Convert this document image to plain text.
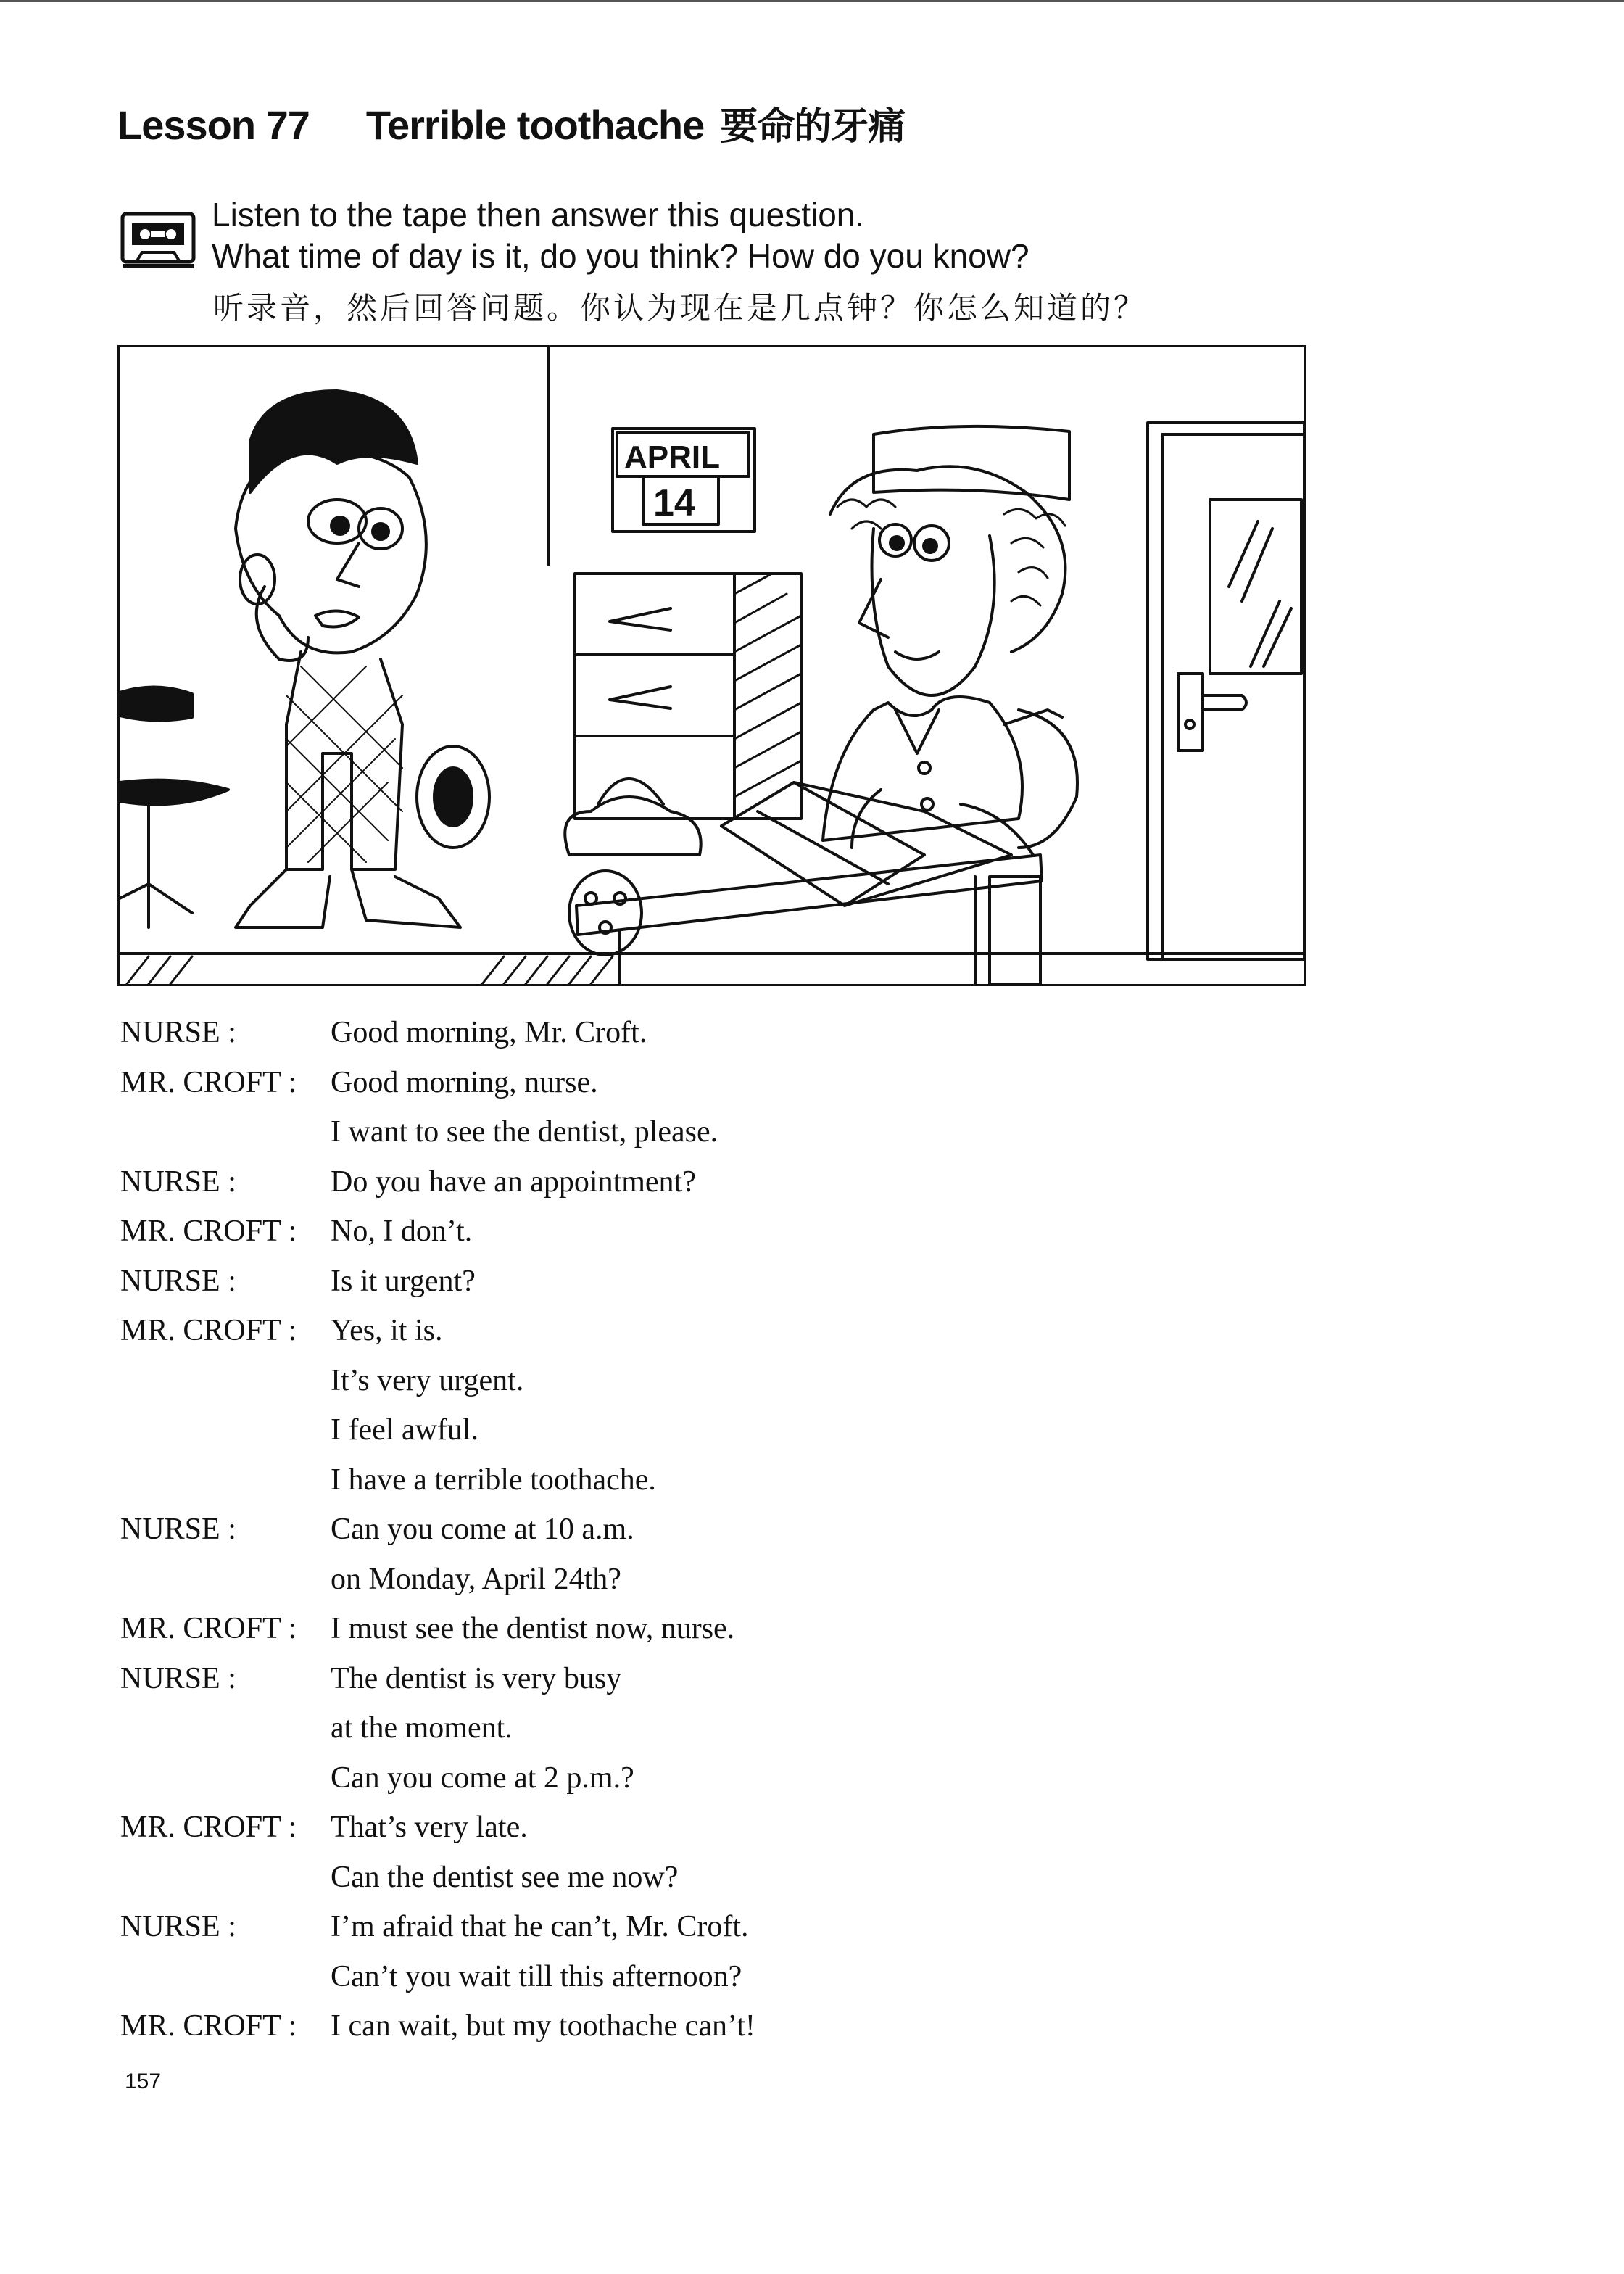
Lesson 77 Terrible toothache 要命的牙痛
Listen to the tape then answer this question.
What time of day is it, do you think? How do you know?
听录音，然后回答问题。你认为现在是几点钟？你怎么知道的？
APRIL
14
NURSE :	Good morning, Mr. Croft.
MR. CROFT : Good morning, nurse.
I want to see the dentist, please.
NURSE :	Do you have an appointment?
MR. CROFT : No, I don’t.
NURSE :	Is it urgent?
MR. CROFT : Yes, it is.
It’s very urgent.
I feel awful.
I have a terrible toothache.
NURSE :	Can you come at 10 a.m.
on Monday, April 24th?
MR. CROFT : I must see the dentist now, nurse.
NURSE :	The dentist is very busy
at the moment.
Can you come at 2 p.m.?
MR. CROFT : That’s very late.
Can the dentist see me now?
NURSE :	I’m afraid that he can’t, Mr. Croft.
Can’t you wait till this afternoon?
MR. CROFT : I can wait, but my toothache can’t!
157
